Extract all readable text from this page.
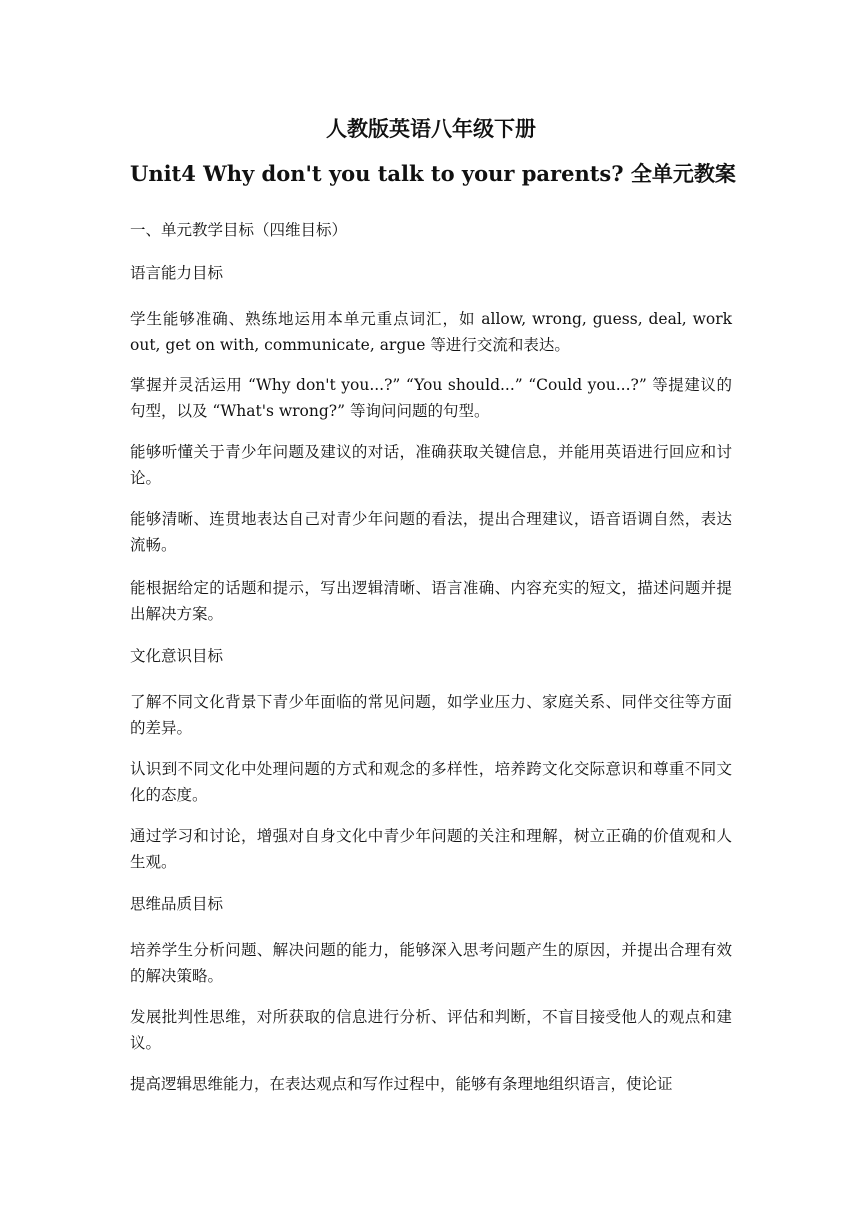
人教版英语八年级下册
Unit4 Why don't you talk to your parents? 全单元教案

一、单元教学目标（四维目标）

语言能力目标

学生能够准确、熟练地运用本单元重点词汇，如 allow, wrong, guess, deal, work out, get on with, communicate, argue 等进行交流和表达。

掌握并灵活运用 “Why don't you...?” “You should...” “Could you...?” 等提建议的句型，以及 “What's wrong?” 等询问问题的句型。

能够听懂关于青少年问题及建议的对话，准确获取关键信息，并能用英语进行回应和讨论。

能够清晰、连贯地表达自己对青少年问题的看法，提出合理建议，语音语调自然，表达流畅。

能根据给定的话题和提示，写出逻辑清晰、语言准确、内容充实的短文，描述问题并提出解决方案。

文化意识目标

了解不同文化背景下青少年面临的常见问题，如学业压力、家庭关系、同伴交往等方面的差异。

认识到不同文化中处理问题的方式和观念的多样性，培养跨文化交际意识和尊重不同文化的态度。

通过学习和讨论，增强对自身文化中青少年问题的关注和理解，树立正确的价值观和人生观。

思维品质目标

培养学生分析问题、解决问题的能力，能够深入思考问题产生的原因，并提出合理有效的解决策略。

发展批判性思维，对所获取的信息进行分析、评估和判断，不盲目接受他人的观点和建议。

提高逻辑思维能力，在表达观点和写作过程中，能够有条理地组织语言，使论证
